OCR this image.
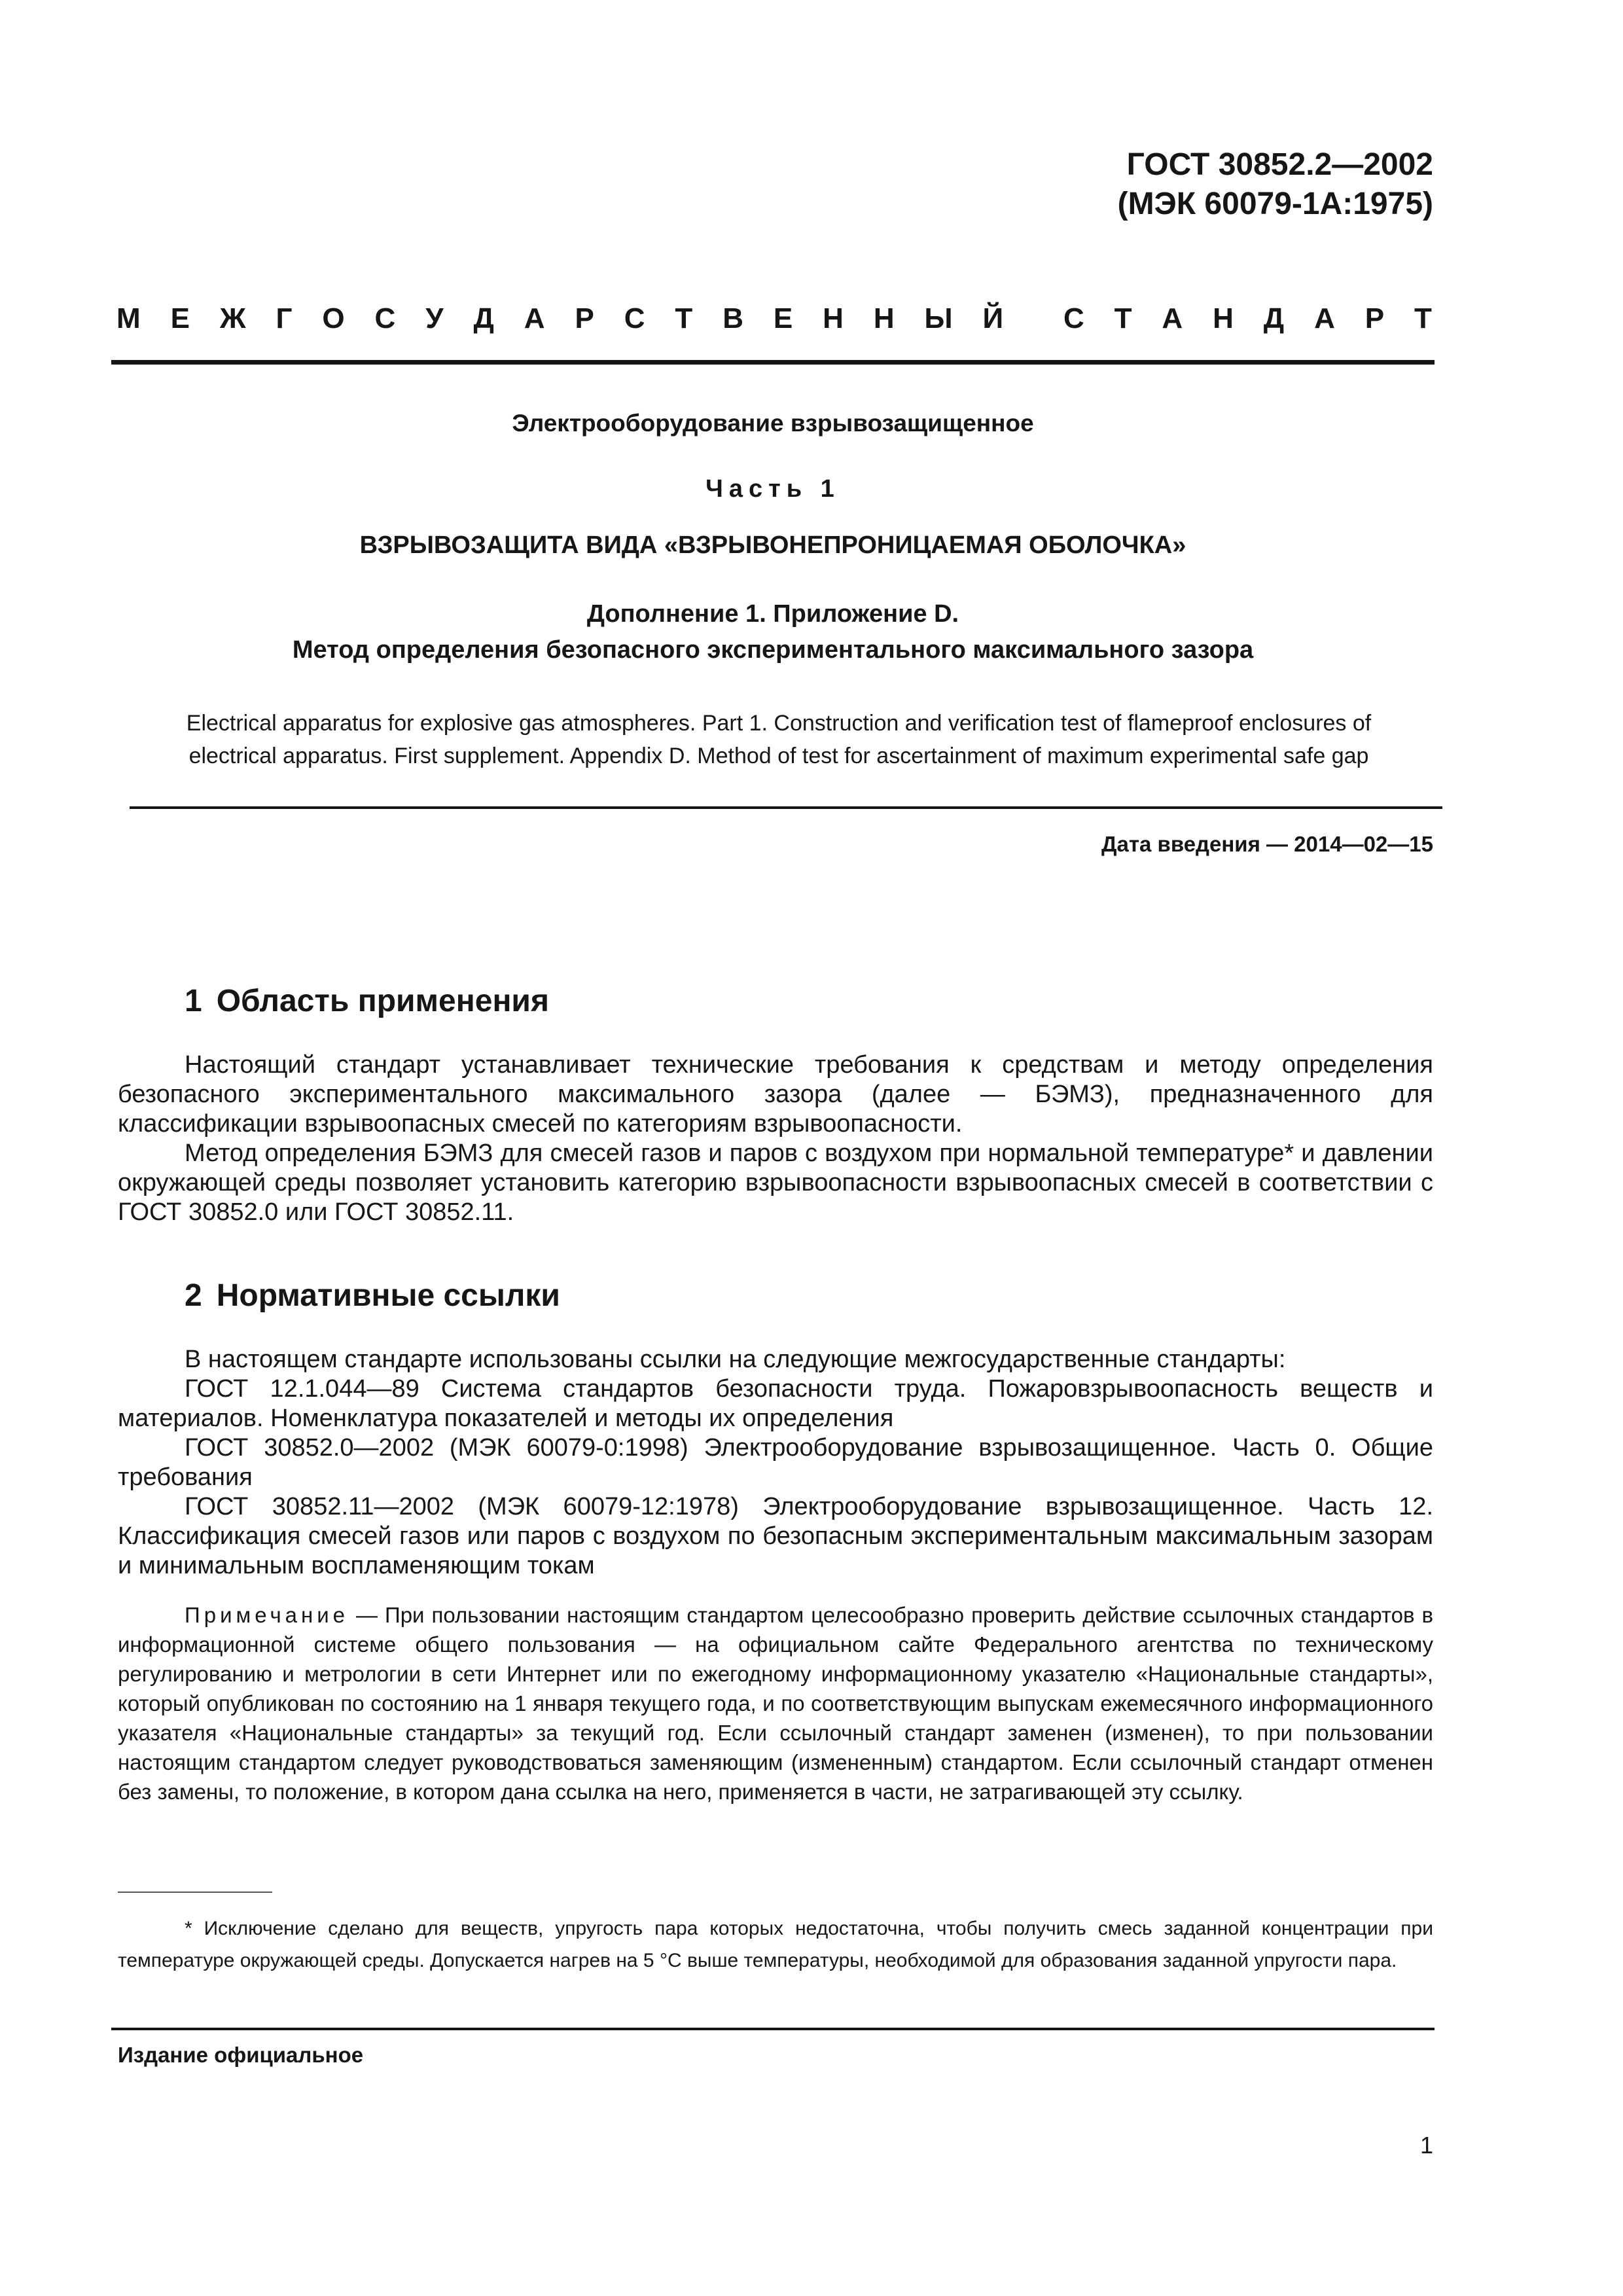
ГОСТ 30852.2—2002
(МЭК 60079-1А:1975)
М Е Ж Г О С У Д А Р С Т В Е Н Н Ы Й С Т А Н Д А Р Т
Электрооборудование взрывозащищенное
Часть 1
ВЗРЫВОЗАЩИТА ВИДА «ВЗРЫВОНЕПРОНИЦАЕМАЯ ОБОЛОЧКА»
Дополнение 1. Приложение D.
Метод определения безопасного экспериментального максимального зазора
Electrical apparatus for explosive gas atmospheres. Part 1. Construction and verification test of flameproof enclosures of
electrical apparatus. First supplement. Appendix D. Method of test for ascertainment of maximum experimental safe gap
Дата введения — 2014—02—15
1 Область применения

Настоящий стандарт устанавливает технические требования к средствам и методу определения безопасного экспериментального максимального зазора (далее — БЭМЗ), предназначенного для классификации взрывоопасных смесей по категориям взрывоопасности.

Метод определения БЭМЗ для смесей газов и паров с воздухом при нормальной температуре* и давлении окружающей среды позволяет установить категорию взрывоопасности взрывоопасных смесей в соответствии с ГОСТ 30852.0 или ГОСТ 30852.11.

2 Нормативные ссылки

В настоящем стандарте использованы ссылки на следующие межгосударственные стандарты:

ГОСТ 12.1.044—89 Система стандартов безопасности труда. Пожаровзрывоопасность веществ и материалов. Номенклатура показателей и методы их определения

ГОСТ 30852.0—2002 (МЭК 60079-0:1998) Электрооборудование взрывозащищенное. Часть 0. Общие требования

ГОСТ 30852.11—2002 (МЭК 60079-12:1978) Электрооборудование взрывозащищенное. Часть 12. Классификация смесей газов или паров с воздухом по безопасным экспериментальным максимальным зазорам и минимальным воспламеняющим токам

Примечание — При пользовании настоящим стандартом целесообразно проверить действие ссылочных стандартов в информационной системе общего пользования — на официальном сайте Федерального агентства по техническому регулированию и метрологии в сети Интернет или по ежегодному информационному указателю «Национальные стандарты», который опубликован по состоянию на 1 января текущего года, и по соответствующим выпускам ежемесячного информационного указателя «Национальные стандарты» за текущий год. Если ссылочный стандарт заменен (изменен), то при пользовании настоящим стандартом следует руководствоваться заменяющим (измененным) стандартом. Если ссылочный стандарт отменен без замены, то положение, в котором дана ссылка на него, применяется в части, не затрагивающей эту ссылку.
* Исключение сделано для веществ, упругость пара которых недостаточна, чтобы получить смесь заданной концентрации при температуре окружающей среды. Допускается нагрев на 5 °С выше температуры, необходимой для образования заданной упругости пара.
Издание официальное
1
